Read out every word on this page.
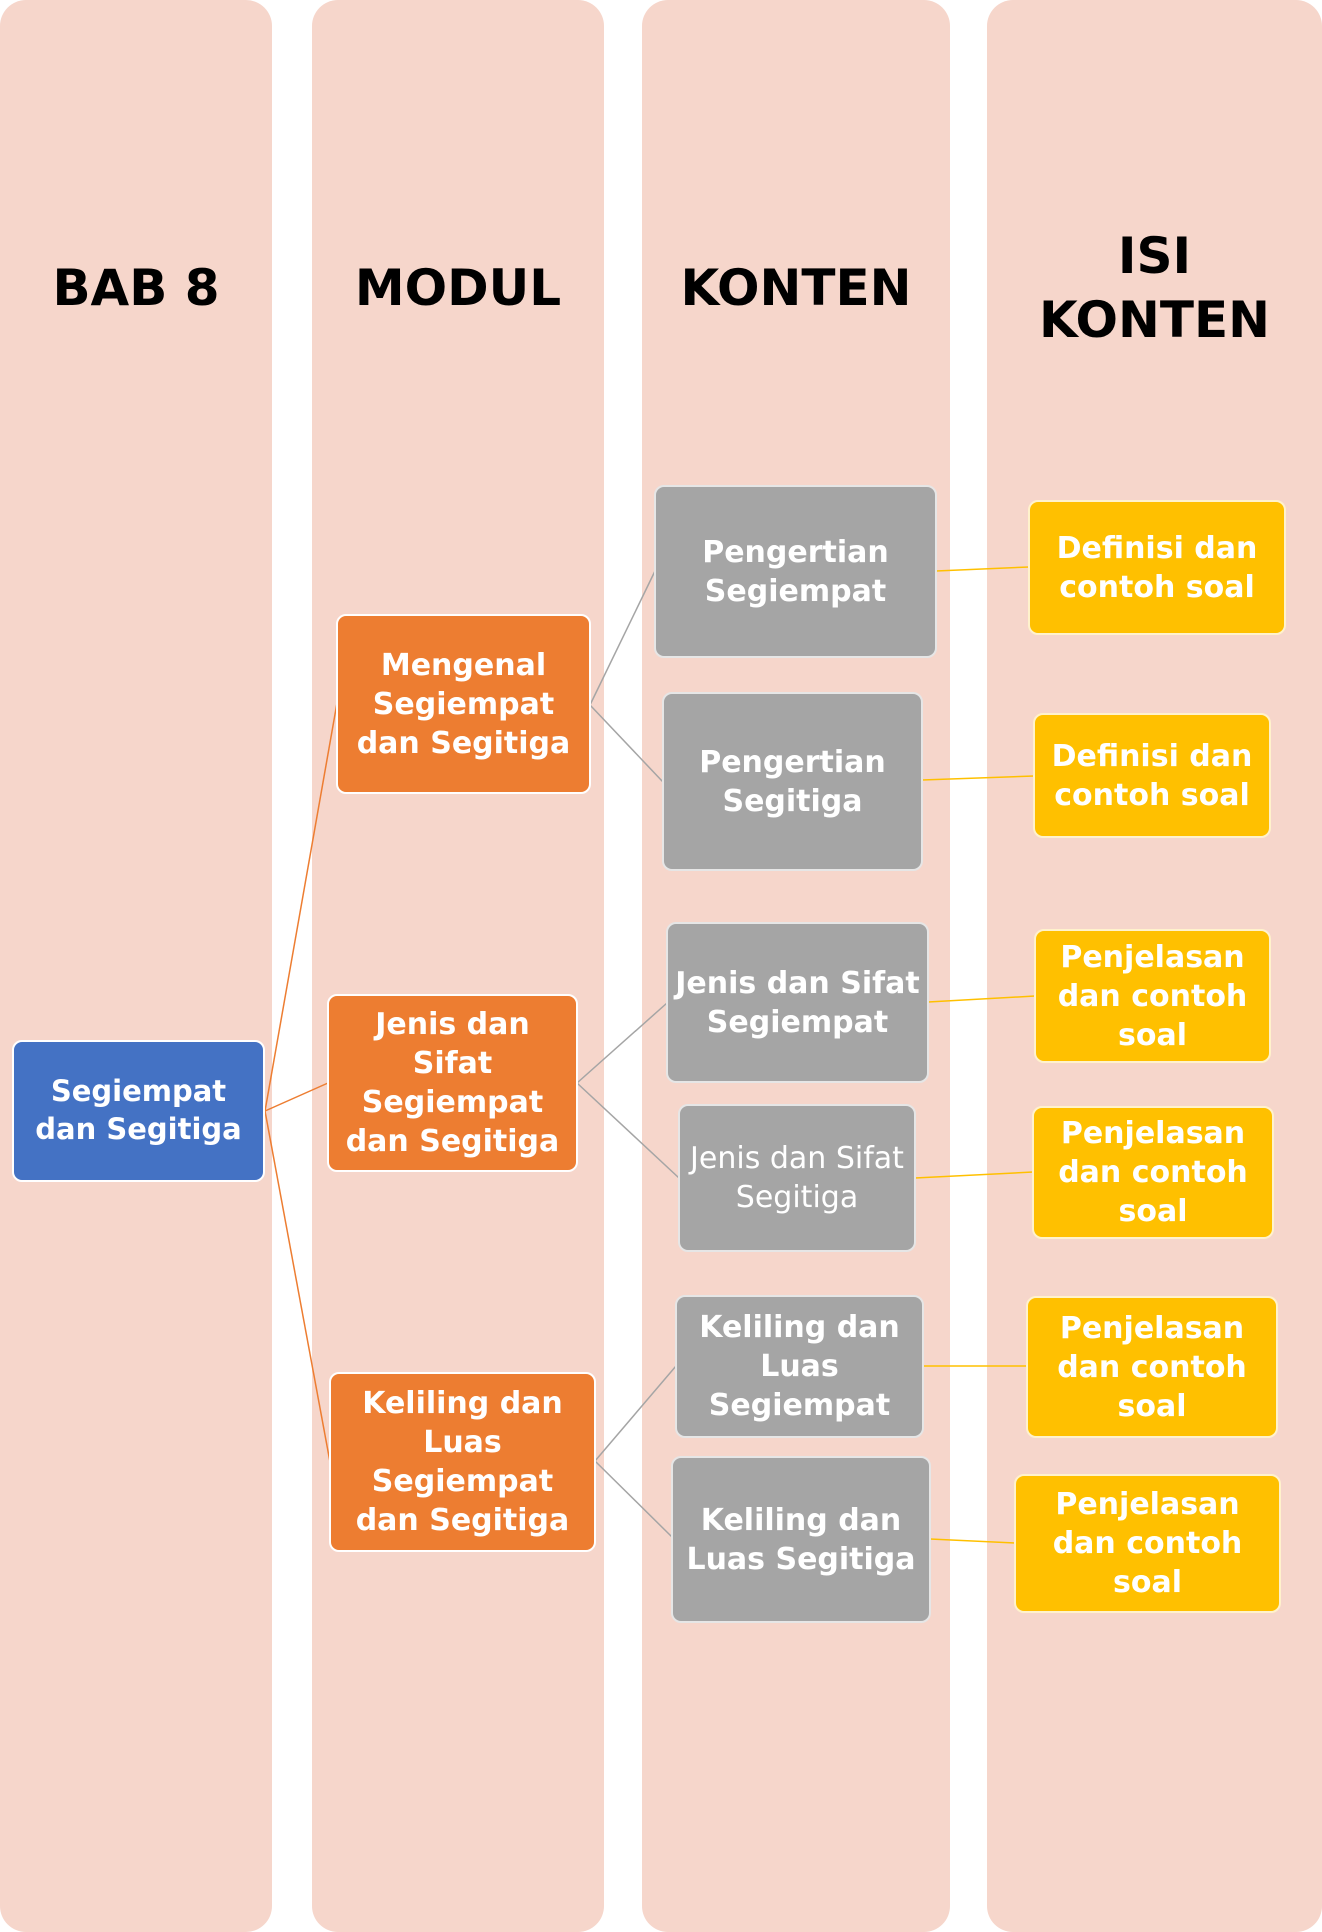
BAB 8	MODUL	KONTEN
ISI
KONTEN
Segiempat dan Segitiga
Mengenal Segiempat dan Segitiga
Jenis dan Sifat Segiempat dan Segitiga
Keliling dan Luas Segiempat dan Segitiga
Pengertian Segiempat
Pengertian Segitiga
Jenis dan Sifat Segiempat
Jenis dan Sifat Segitiga
Keliling dan Luas Segiempat
Keliling dan Luas Segitiga
Definisi dan contoh soal
Definisi dan contoh soal
Penjelasan dan contoh soal
Penjelasan dan contoh soal
Penjelasan dan contoh soal
Penjelasan dan contoh soal
